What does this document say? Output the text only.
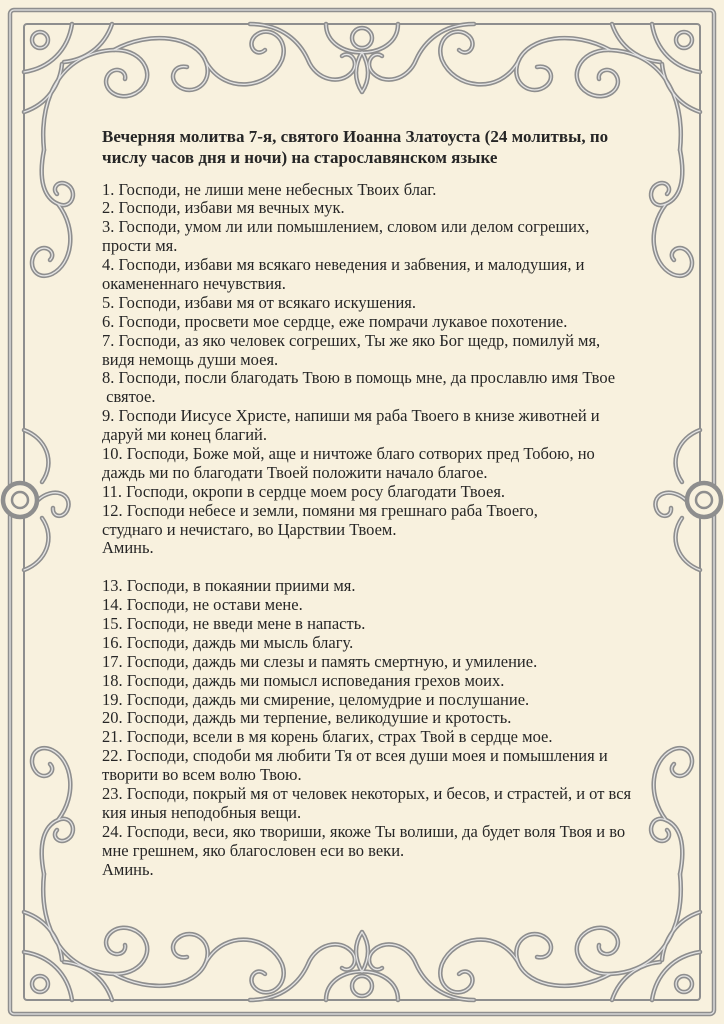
Вечерняя молитва 7-я, святого Иоанна Златоуста (24 молитвы, по
числу часов дня и ночи) на старославянском языке
1. Господи, не лиши мене небесных Твоих благ.
2. Господи, избави мя вечных мук.
3. Господи, умом ли или помышлением, словом или делом согреших,
прости мя.
4. Господи, избави мя всякаго неведения и забвения, и малодушия, и
окамененнаго нечувствия.
5. Господи, избави мя от всякаго искушения.
6. Господи, просвети мое сердце, еже помрачи лукавое похотение.
7. Господи, аз яко человек согреших, Ты же яко Бог щедр, помилуй мя,
видя немощь души моея.
8. Господи, посли благодать Твою в помощь мне, да прославлю имя Твое
святое.
9. Господи Иисусе Христе, напиши мя раба Твоего в книзе животней и
даруй ми конец благий.
10. Господи, Боже мой, аще и ничтоже благо сотворих пред Тобою, но
даждь ми по благодати Твоей положити начало благое.
11. Господи, окропи в сердце моем росу благодати Твоея.
12. Господи небесе и земли, помяни мя грешнаго раба Твоего,
студнаго и нечистаго, во Царствии Твоем.
Аминь.
13. Господи, в покаянии приими мя.
14. Господи, не остави мене.
15. Господи, не введи мене в напасть.
16. Господи, даждь ми мысль благу.
17. Господи, даждь ми слезы и память смертную, и умиление.
18. Господи, даждь ми помысл исповедания грехов моих.
19. Господи, даждь ми смирение, целомудрие и послушание.
20. Господи, даждь ми терпение, великодушие и кротость.
21. Господи, всели в мя корень благих, страх Твой в сердце мое.
22. Господи, сподоби мя любити Тя от всея души моея и помышления и
творити во всем волю Твою.
23. Господи, покрый мя от человек некоторых, и бесов, и страстей, и от вся
кия иныя неподобныя вещи.
24. Господи, веси, яко твориши, якоже Ты волиши, да будет воля Твоя и во
мне грешнем, яко благословен еси во веки.
Аминь.
